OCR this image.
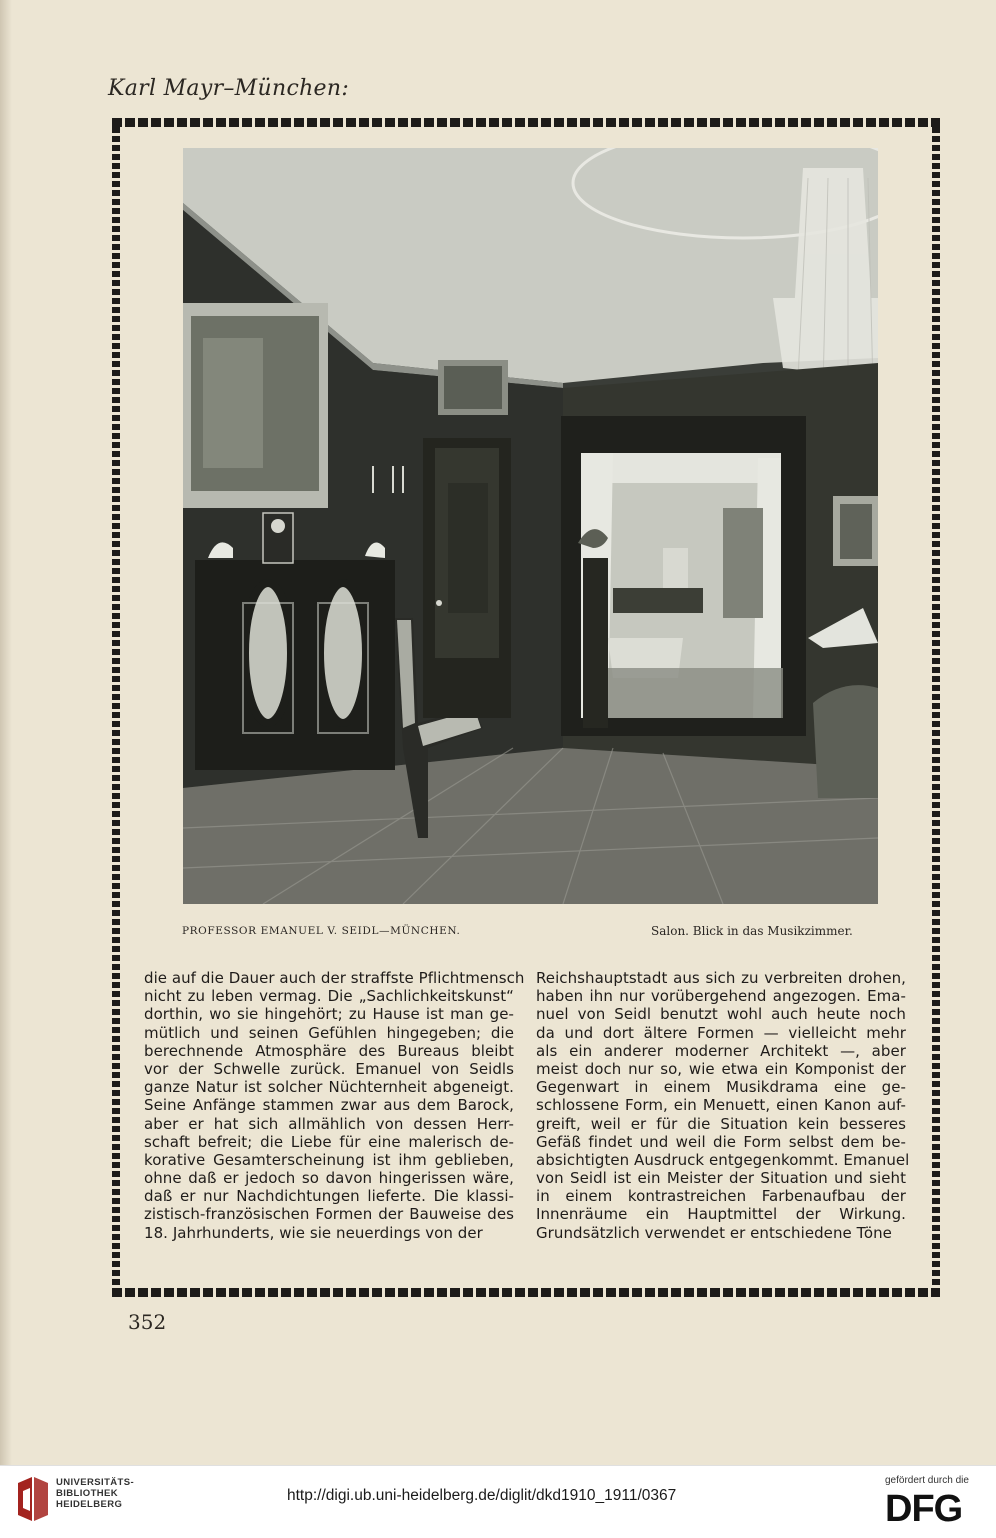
Karl Mayr–München:
PROFESSOR EMANUEL V. SEIDL—MÜNCHEN.	Salon. Blick in das Musikzimmer.
die auf die Dauer auch der straffste Pflichtmensch
nicht zu leben vermag. Die „Sachlichkeitskunst“
dorthin, wo sie hingehört; zu Hause ist man ge-
mütlich und seinen Gefühlen hingegeben; die
berechnende Atmosphäre des Bureaus bleibt
vor der Schwelle zurück. Emanuel von Seidls
ganze Natur ist solcher Nüchternheit abgeneigt.
Seine Anfänge stammen zwar aus dem Barock,
aber er hat sich allmählich von dessen Herr-
schaft befreit; die Liebe für eine malerisch de-
korative Gesamterscheinung ist ihm geblieben,
ohne daß er jedoch so davon hingerissen wäre,
daß er nur Nachdichtungen lieferte. Die klassi-
zistisch-französischen Formen der Bauweise des
18. Jahrhunderts, wie sie neuerdings von der
Reichshauptstadt aus sich zu verbreiten drohen,
haben ihn nur vorübergehend angezogen. Ema-
nuel von Seidl benutzt wohl auch heute noch
da und dort ältere Formen — vielleicht mehr
als ein anderer moderner Architekt —, aber
meist doch nur so, wie etwa ein Komponist der
Gegenwart in einem Musikdrama eine ge-
schlossene Form, ein Menuett, einen Kanon auf-
greift, weil er für die Situation kein besseres
Gefäß findet und weil die Form selbst dem be-
absichtigten Ausdruck entgegenkommt. Emanuel
von Seidl ist ein Meister der Situation und sieht
in einem kontrastreichen Farbenaufbau der
Innenräume ein Hauptmittel der Wirkung.
Grundsätzlich verwendet er entschiedene Töne
352
UNIVERSITÄTS-
BIBLIOTHEK
HEIDELBERG
http://digi.ub.uni-heidelberg.de/diglit/dkd1910_1911/0367
gefördert durch die
DFG
